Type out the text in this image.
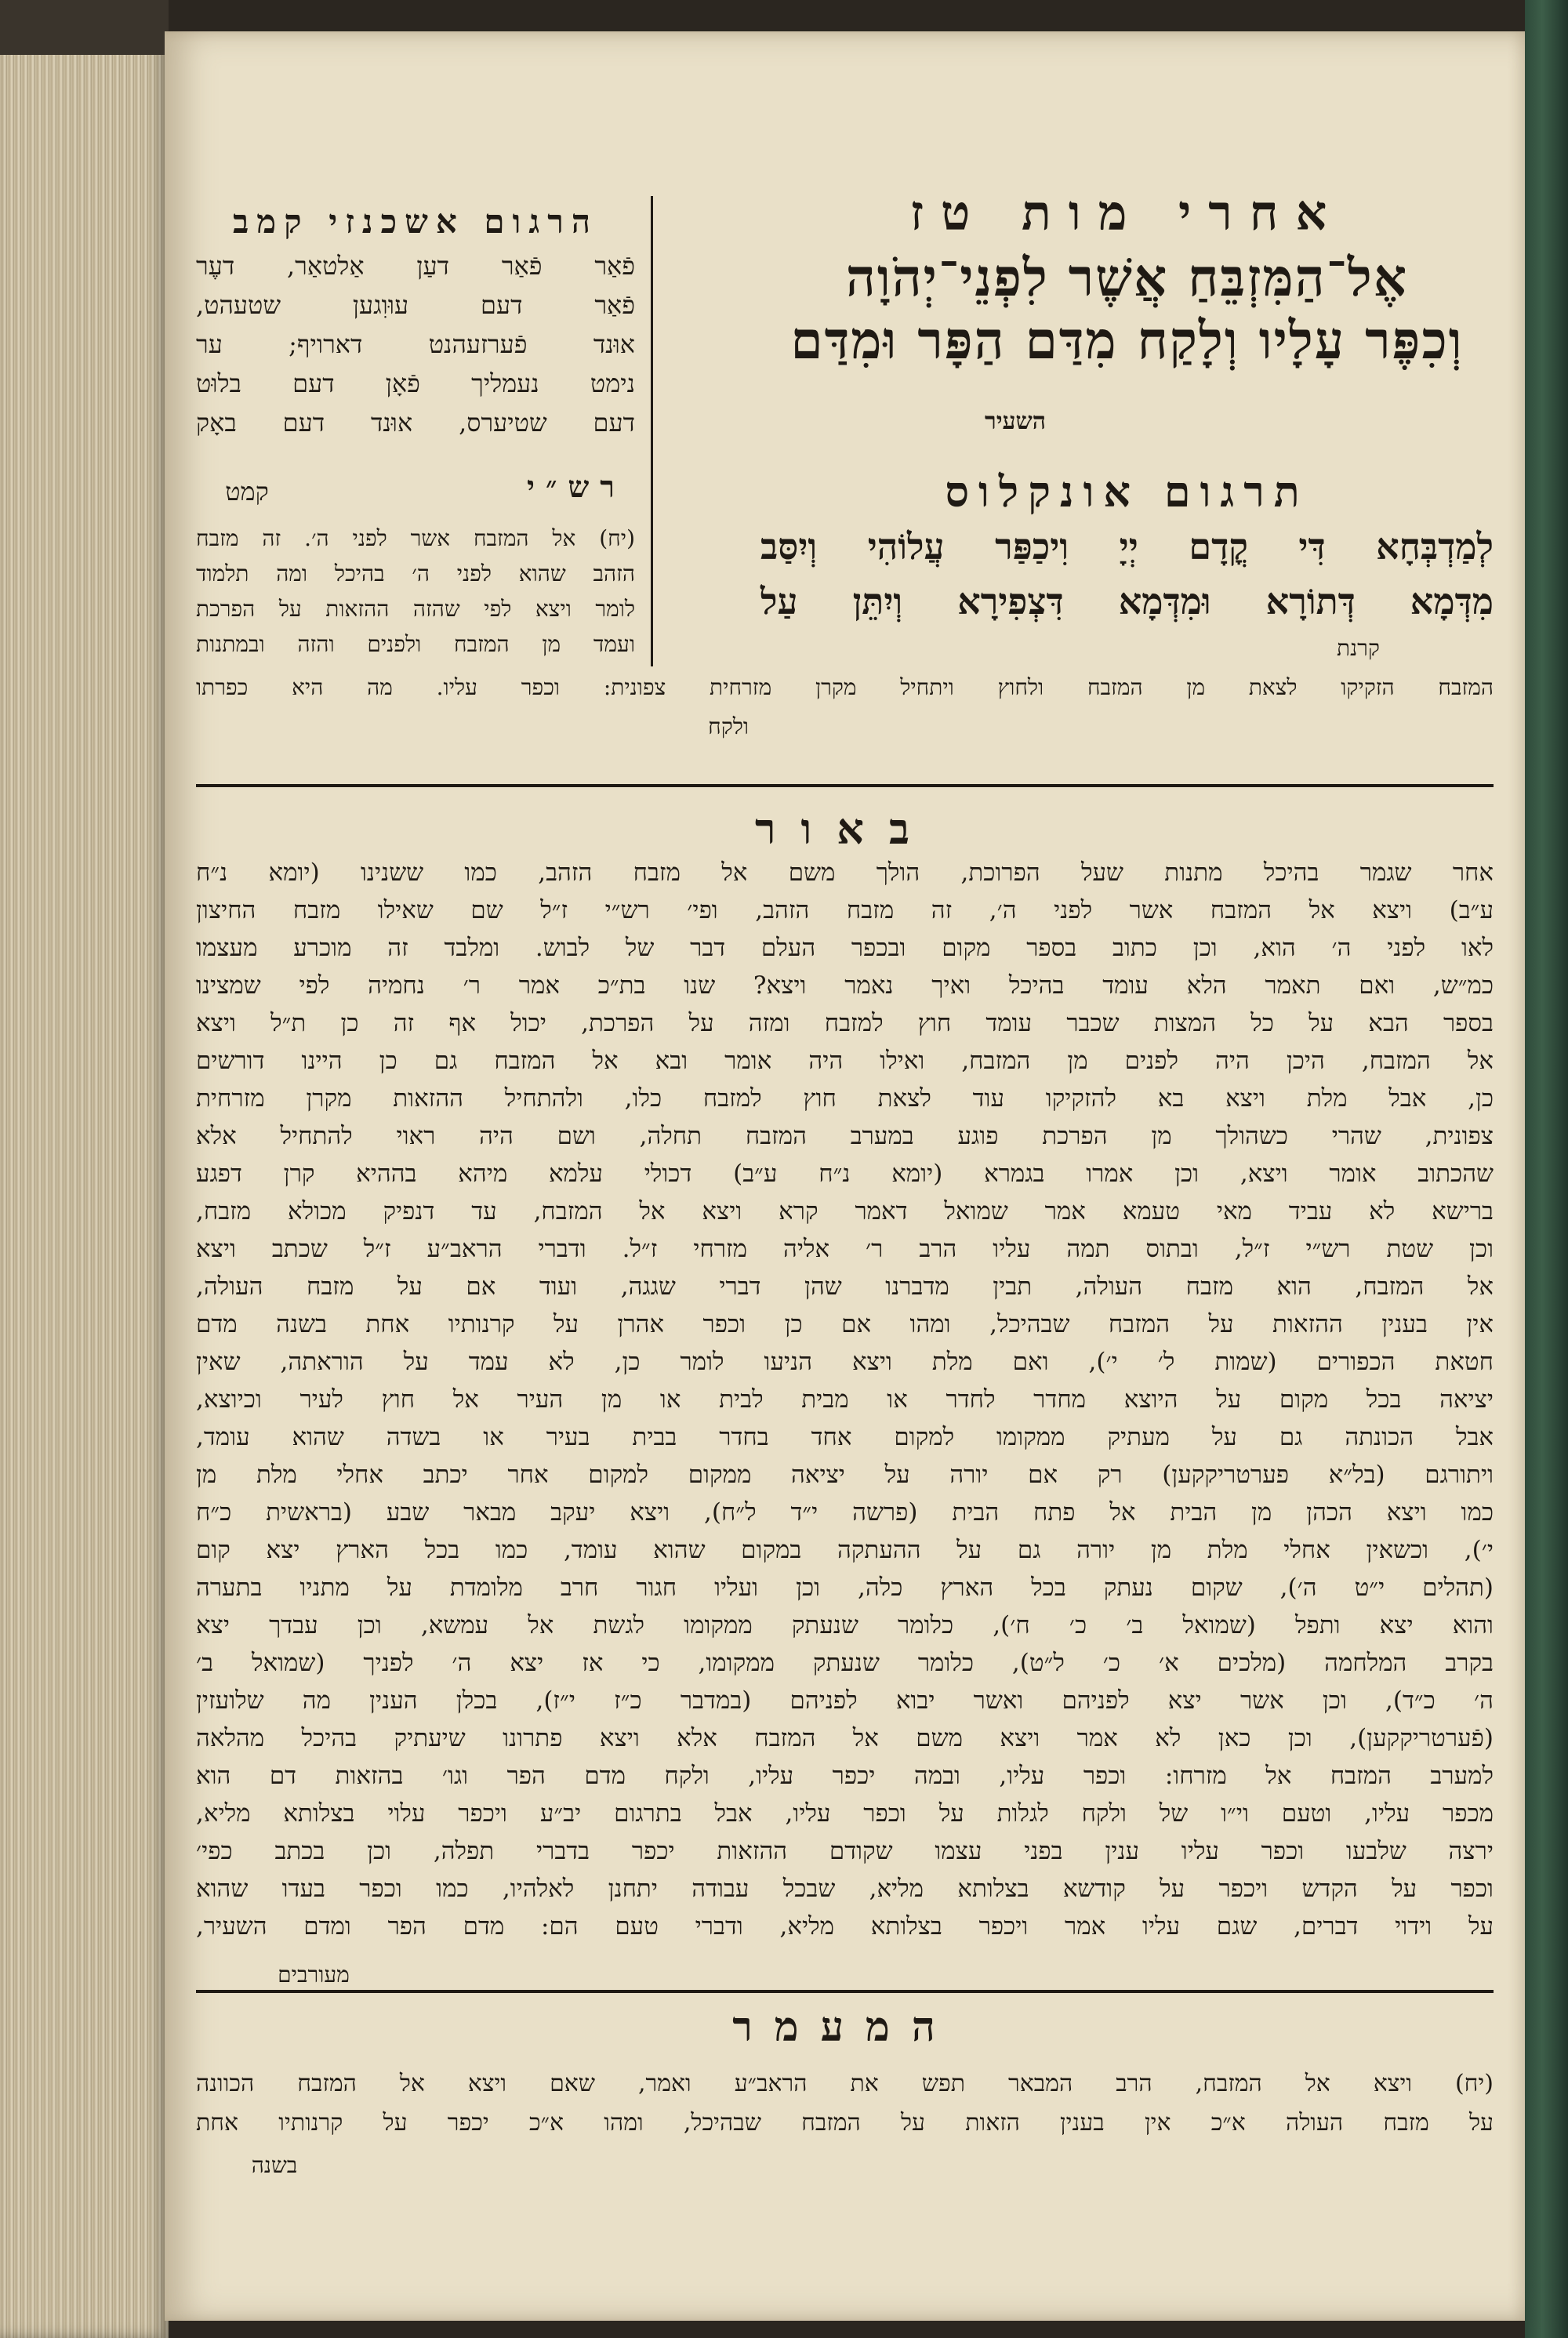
אחרי מות טז
אֶל־הַמִּזְבֵּחַ אֲשֶׁר לִפְנֵי־יְהֹוָה
וְכִפֶּר עָלָיו וְלָקַח מִדַּם הַפָּר וּמִדַּם
השעיר
תרגום אונקלוס
לְמַדְבְּחָא דִּי קֳדָם יְיָ וִיכַפַּר עֲלוֹהִי וְיִסַּב
מִדְּמָא דְּתוֹרָא וּמִדְּמָא דִּצְפִירָא וְיִתֵּן עַל
קרנת
הרגום אשכנזי קמב
פֿאַר פֿאַר דעַן אַלטאַר, דעֶר
פֿאַר דעם עוּוִגען שטעהט,
אוּנד פֿערזעהנט דארויף; ער
נימט נעמליך פֿאָן דעם בלוּט
דעם שטיערס, אוּנד דעם באָק
קמט	רש״י
(יח) אל המזבח אשר לפני ה׳. זה מזבח
הזהב שהוא לפני ה׳ בהיכל ומה תלמוד
לומר ויצא לפי שהזה ההזאות על הפרכת
ועמד מן המזבח ולפנים והזה ובמתנות
המזבח הזקיקו לצאת מן המזבח ולחוץ ויתחיל מקרן מזרחית צפונית: וכפר עליו. מה היא כפרתו
ולקח
באור
אחר שגמר בהיכל מתנות שעל הפרוכת, הולך משם אל מזבח הזהב, כמו ששנינו (יומא נ״ח
ע״ב) ויצא אל המזבח אשר לפני ה׳, זה מזבח הזהב, ופי׳ רש״י ז״ל שם שאילו מזבח החיצון
לאו לפני ה׳ הוא, וכן כתוב בספר מקום ובכפר העלם דבר של לבוש. ומלבד זה מוכרע מעצמו
כמ״ש, ואם תאמר הלא עומד בהיכל ואיך נאמר ויצא? שנו בת״כ אמר ר׳ נחמיה לפי שמצינו
בספר הבא על כל המצות שכבר עומד חוץ למזבח ומזה על הפרכת, יכול אף זה כן ת״ל ויצא
אל המזבח, היכן היה לפנים מן המזבח, ואילו היה אומר ובא אל המזבח גם כן היינו דורשים
כן, אבל מלת ויצא בא להזקיקו עוד לצאת חוץ למזבח כלו, ולהתחיל ההזאות מקרן מזרחית
צפונית, שהרי כשהולך מן הפרכת פוגע במערב המזבח תחלה, ושם היה ראוי להתחיל אלא
שהכתוב אומר ויצא, וכן אמרו בגמרא (יומא נ״ח ע״ב) דכולי עלמא מיהא בההיא קרן דפגע
ברישא לא עביד מאי טעמא אמר שמואל דאמר קרא ויצא אל המזבח, עד דנפיק מכולא מזבח,
וכן שטת רש״י ז״ל, ובתוס תמה עליו הרב ר׳ אליה מזרחי ז״ל. ודברי הראב״ע ז״ל שכתב ויצא
אל המזבח, הוא מזבח העולה, תבין מדברנו שהן דברי שגגה, ועוד אם על מזבח העולה,
אין בענין ההזאות על המזבח שבהיכל, ומהו אם כן וכפר אהרן על קרנותיו אחת בשנה מדם
חטאת הכפורים (שמות ל׳ י׳), ואם מלת ויצא הניעו לומר כן, לא עמד על הוראתה, שאין
יציאה בכל מקום על היוצא מחדר לחדר או מבית לבית או מן העיר אל חוץ לעיר וכיוצא,
אבל הכונתה גם על מעתיק ממקומו למקום אחד בחדר בבית בעיר או בשדה שהוא עומד,
ויתורגם (בל״א פערטריקקען) רק אם יורה על יציאה ממקום למקום אחר יכתב אחלי מלת מן
כמו ויצא הכהן מן הבית אל פתח הבית (פרשה י״ד ל״ח), ויצא יעקב מבאר שבע (בראשית כ״ח
י׳), וכשאין אחלי מלת מן יורה גם על ההעתקה במקום שהוא עומד, כמו בכל הארץ יצא קום
(תהלים י״ט ה׳), שקום נעתק בכל הארץ כלה, וכן ועליו חגור חרב מלומדת על מתניו בתערה
והוא יצא ותפל (שמואל ב׳ כ׳ ח׳), כלומר שנעתק ממקומו לגשת אל עמשא, וכן עבדך יצא
בקרב המלחמה (מלכים א׳ כ׳ ל״ט), כלומר שנעתק ממקומו, כי אז יצא ה׳ לפניך (שמואל ב׳
ה׳ כ״ד), וכן אשר יצא לפניהם ואשר יבוא לפניהם (במדבר כ״ז י״ז), בכלן הענין מה שלועזין
(פֿערטריקקען), וכן כאן לא אמר ויצא משם אל המזבח אלא ויצא פתרונו שיעתיק בהיכל מהלאה
למערב המזבח אל מזרחו: וכפר עליו, ובמה יכפר עליו, ולקח מדם הפר וגו׳ בהזאות דם הוא
מכפר עליו, וטעם וי״ו של ולקח לגלות על וכפר עליו, אבל בתרגום יב״ע ויכפר עלוי בצלותא מליא,
ירצה שלבעו וכפר עליו ענין בפני עצמו שקודם ההזאות יכפר בדברי תפלה, וכן בכתב כפי׳
וכפר על הקדש ויכפר על קודשא בצלותא מליא, שבכל עבודה יתחנן לאלהיו, כמו וכפר בעדו שהוא
על וידוי דברים, שגם עליו אמר ויכפר בצלותא מליא, ודברי טעם הם: מדם הפר ומדם השעיר,
מעורבים
המעמר
(יח) ויצא אל המזבח, הרב המבאר תפש את הראב״ע ואמר, שאם ויצא אל המזבח הכוונה
על מזבח העולה א״כ אין בענין הזאות על המזבח שבהיכל, ומהו א״כ יכפר על קרנותיו אחת
בשנה
